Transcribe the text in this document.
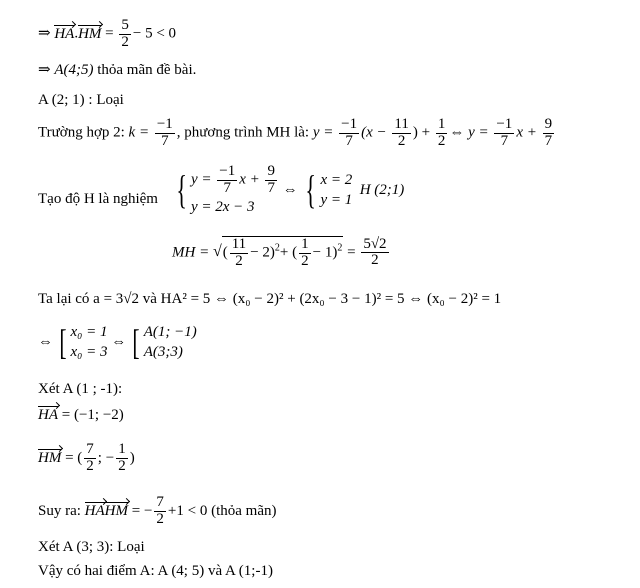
⇒ $HA.HM = \frac{5}{2} - 5 < 0$
⇒ A(4;5) thỏa mãn đề bài.
A (2; 1) : Loại
Trường hợp 2: $k = \frac{-1}{7}$ , phương trình MH là: $y = \frac{-1}{7} (x - \frac{11}{2}$ ) + $\frac{1}{2}$ ⇔ $y = \frac{-1}{7}$ $x + \frac{9}{7}$
Tạo độ H là nghiệm { $y = \frac{-1}{7}$ $x + \frac{9}{7}$
y = 2x − 3
⇔ { x = 2
y = 1
H (2;1)
MH = √( $\frac{11}{2} - 2)^2+$ ( $\frac{1}{2} - 1)^2 = \frac{5√2}{2}$
Ta lại có a = 3√2 và HA² = 5 ⇔ (x₀ − 2)² + (2x₀ − 3 − 1)² = 5 ⇔ (x₀ − 2)² = 1
⇔ [ x₀ = 1
x₀ = 3
⇔ [ A(1; −1)
A(3;3)
Xét A (1 ; -1):
HA = (−1; −2)
HM = ( $\frac{7}{2}$ ; − $\frac{1}{2}$ )
Suy ra: HAHM = − $\frac{7}{2} +1 < 0$ (thỏa mãn)
Xét A (3; 3): Loại
Vậy có hai điểm A: A (4; 5) và A (1;-1)
